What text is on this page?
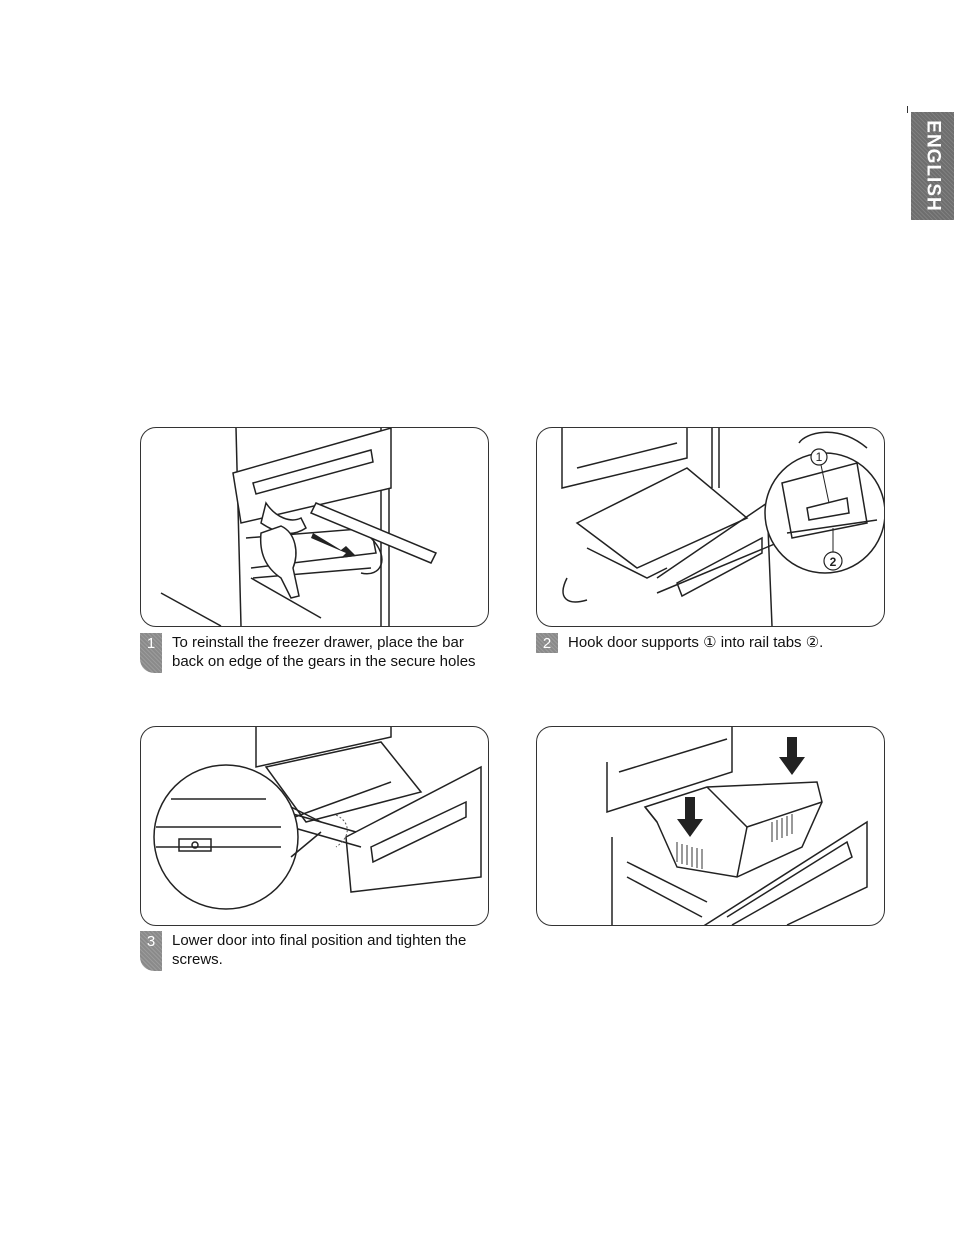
ENGLISH
1	To reinstall the freezer drawer, place the bar
back on edge of the gears in the secure holes
1
2
2	Hook door supports ① into rail tabs ②.
3	Lower door into final position and tighten the
screws.
